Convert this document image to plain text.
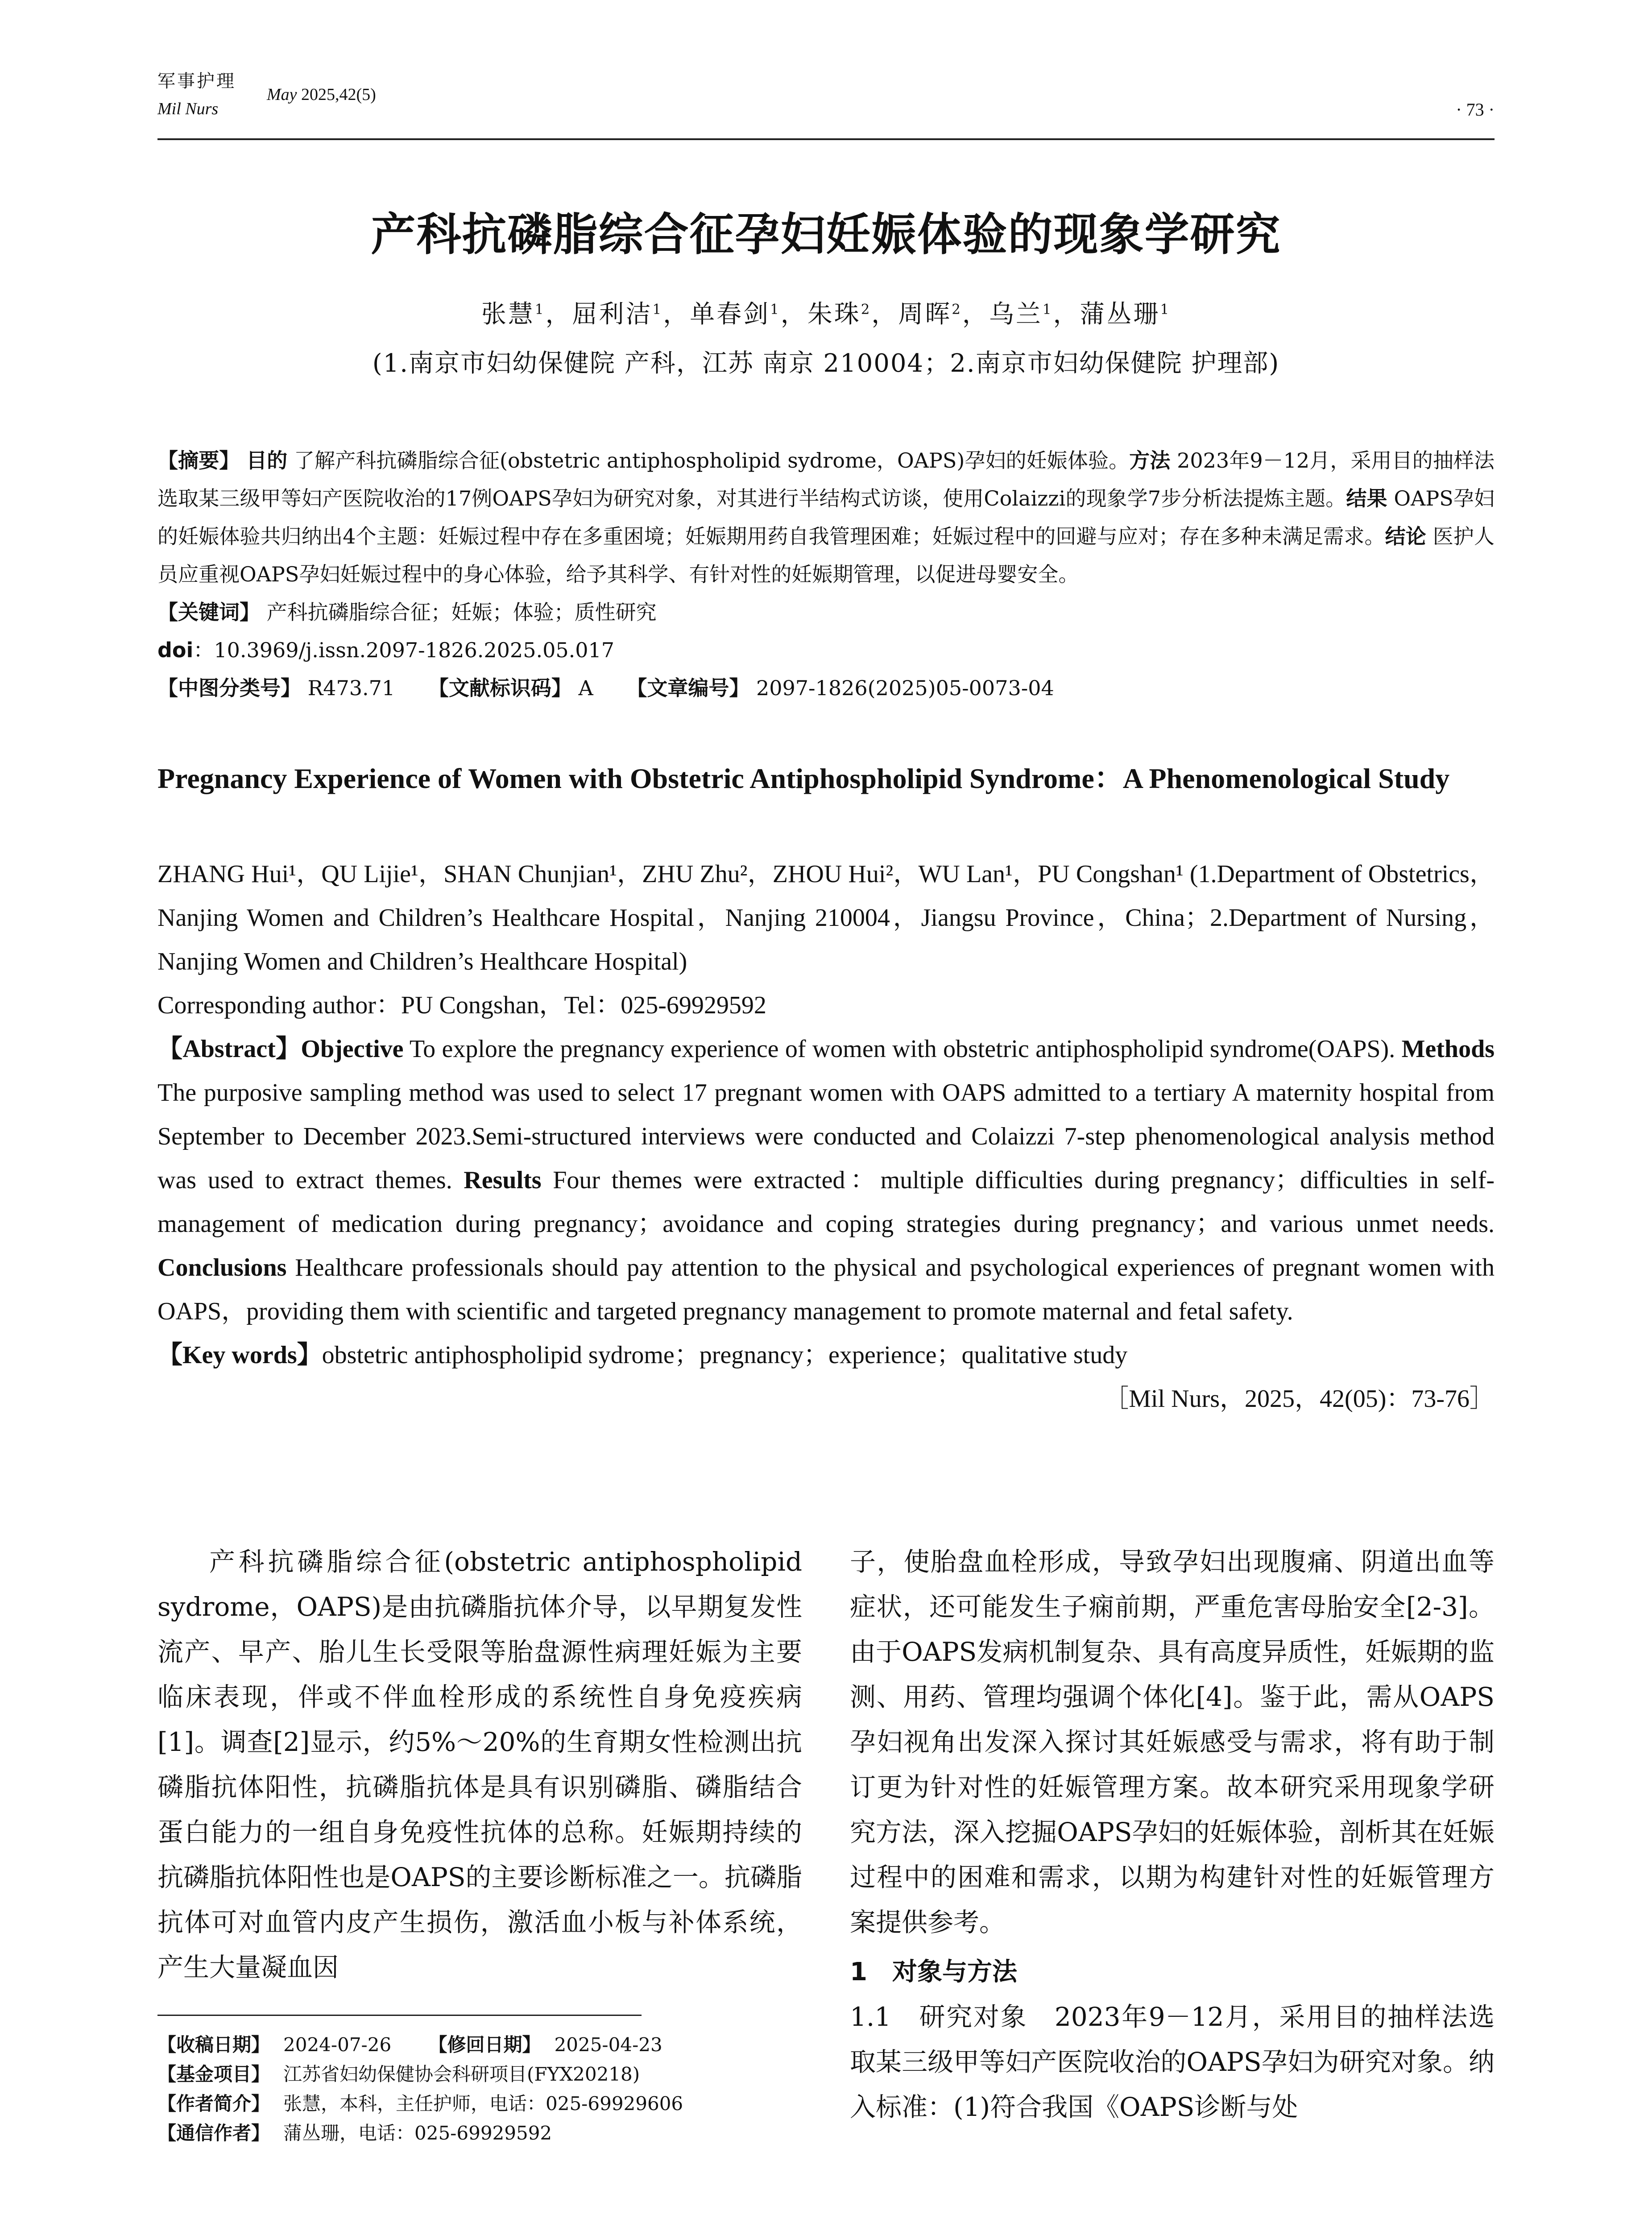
军事护理
May 2025,42(5)
Mil Nurs	· 73 ·
产科抗磷脂综合征孕妇妊娠体验的现象学研究
张慧$^1$，屈利洁$^1$，单春剑$^1$，朱珠$^2$，周晖$^2$，乌兰$^1$，蒲丛珊$^1$
(1.南京市妇幼保健院 产科，江苏 南京 210004；2.南京市妇幼保健院 护理部)
【摘要】 目的 了解产科抗磷脂综合征(obstetric antiphospholipid sydrome，OAPS)孕妇的妊娠体验。方法 2023年9－12月，采用目的抽样法选取某三级甲等妇产医院收治的17例OAPS孕妇为研究对象，对其进行半结构式访谈，使用Colaizzi的现象学7步分析法提炼主题。结果 OAPS孕妇的妊娠体验共归纳出4个主题：妊娠过程中存在多重困境；妊娠期用药自我管理困难；妊娠过程中的回避与应对；存在多种未满足需求。结论 医护人员应重视OAPS孕妇妊娠过程中的身心体验，给予其科学、有针对性的妊娠期管理，以促进母婴安全。
【关键词】 产科抗磷脂综合征；妊娠；体验；质性研究
doi：10.3969/j.issn.2097-1826.2025.05.017
【中图分类号】 R473.71 【文献标识码】 A 【文章编号】 2097-1826(2025)05-0073-04
Pregnancy Experience of Women with Obstetric Antiphospholipid Syndrome：A Phenomenological Study
ZHANG Hui¹，QU Lijie¹，SHAN Chunjian¹，ZHU Zhu²，ZHOU Hui²，WU Lan¹，PU Congshan¹ (1.Department of Obstetrics，Nanjing Women and Children’s Healthcare Hospital，Nanjing 210004，Jiangsu Province，China；2.Department of Nursing，Nanjing Women and Children’s Healthcare Hospital)
Corresponding author：PU Congshan，Tel：025-69929592
【Abstract】Objective To explore the pregnancy experience of women with obstetric antiphospholipid syndrome(OAPS). Methods The purposive sampling method was used to select 17 pregnant women with OAPS admitted to a tertiary A maternity hospital from September to December 2023.Semi-structured interviews were conducted and Colaizzi 7-step phenomenological analysis method was used to extract themes. Results Four themes were extracted：multiple difficulties during pregnancy；difficulties in self-management of medication during pregnancy；avoidance and coping strategies during pregnancy；and various unmet needs. Conclusions Healthcare professionals should pay attention to the physical and psychological experiences of pregnant women with OAPS，providing them with scientific and targeted pregnancy management to promote maternal and fetal safety.
【Key words】obstetric antiphospholipid sydrome；pregnancy；experience；qualitative study
［Mil Nurs，2025，42(05)：73-76］
产科抗磷脂综合征(obstetric antiphospholipid sydrome，OAPS)是由抗磷脂抗体介导，以早期复发性流产、早产、胎儿生长受限等胎盘源性病理妊娠为主要临床表现，伴或不伴血栓形成的系统性自身免疫疾病[1]。调查[2]显示，约5%～20%的生育期女性检测出抗磷脂抗体阳性，抗磷脂抗体是具有识别磷脂、磷脂结合蛋白能力的一组自身免疫性抗体的总称。妊娠期持续的抗磷脂抗体阳性也是OAPS的主要诊断标准之一。抗磷脂抗体可对血管内皮产生损伤，激活血小板与补体系统，产生大量凝血因
子，使胎盘血栓形成，导致孕妇出现腹痛、阴道出血等症状，还可能发生子痫前期，严重危害母胎安全[2-3]。由于OAPS发病机制复杂、具有高度异质性，妊娠期的监测、用药、管理均强调个体化[4]。鉴于此，需从OAPS孕妇视角出发深入探讨其妊娠感受与需求，将有助于制订更为针对性的妊娠管理方案。故本研究采用现象学研究方法，深入挖掘OAPS孕妇的妊娠体验，剖析其在妊娠过程中的困难和需求，以期为构建针对性的妊娠管理方案提供参考。
1　对象与方法
1.1　研究对象　2023年9－12月，采用目的抽样法选取某三级甲等妇产医院收治的OAPS孕妇为研究对象。纳入标准：(1)符合我国《OAPS诊断与处
【收稿日期】 2024-07-26 【修回日期】 2025-04-23
【基金项目】 江苏省妇幼保健协会科研项目(FYX20218)
【作者简介】 张慧，本科，主任护师，电话：025-69929606
【通信作者】 蒲丛珊，电话：025-69929592
